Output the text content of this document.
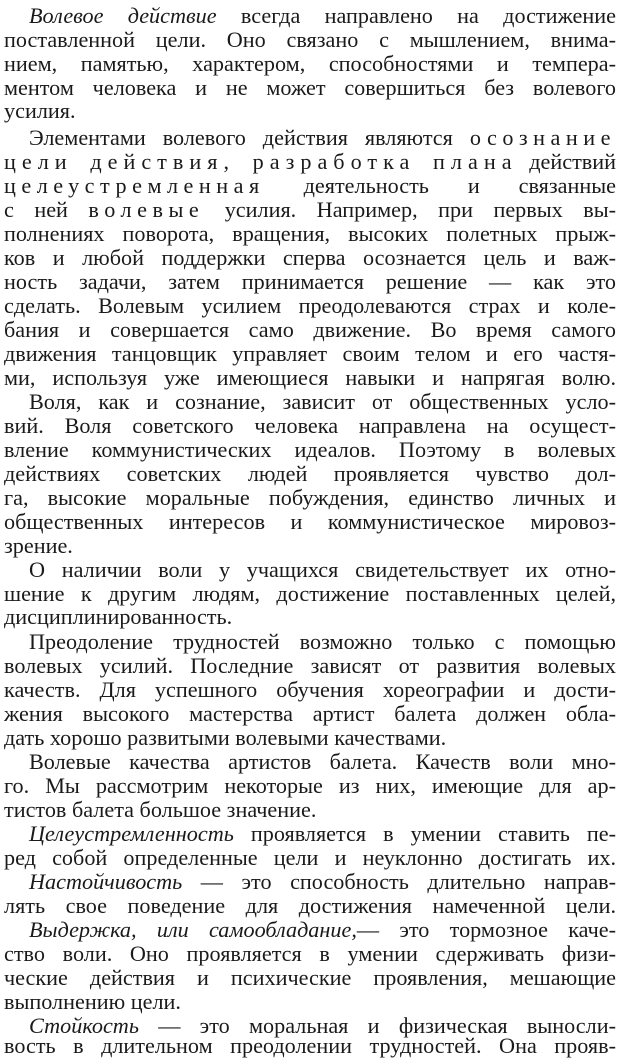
Волевое действие всегда направлено на достижение
поставленной цели. Оно связано с мышлением, внима-
нием, памятью, характером, способностями и темпера-
ментом человека и не может совершиться без волевого
усилия.
Элементами волевого действия являются осознание
цели действия, разработка плана действий
целеустремленная деятельность и связанные
с ней волевые усилия. Например, при первых вы-
полнениях поворота, вращения, высоких полетных прыж-
ков и любой поддержки сперва осознается цель и важ-
ность задачи, затем принимается решение — как это
сделать. Волевым усилием преодолеваются страх и коле-
бания и совершается само движение. Во время самого
движения танцовщик управляет своим телом и его частя-
ми, используя уже имеющиеся навыки и напрягая волю.
Воля, как и сознание, зависит от общественных усло-
вий. Воля советского человека направлена на осущест-
вление коммунистических идеалов. Поэтому в волевых
действиях советских людей проявляется чувство дол-
га, высокие моральные побуждения, единство личных и
общественных интересов и коммунистическое мировоз-
зрение.
О наличии воли у учащихся свидетельствует их отно-
шение к другим людям, достижение поставленных целей,
дисциплинированность.
Преодоление трудностей возможно только с помощью
волевых усилий. Последние зависят от развития волевых
качеств. Для успешного обучения хореографии и дости-
жения высокого мастерства артист балета должен обла-
дать хорошо развитыми волевыми качествами.
Волевые качества артистов балета. Качеств воли мно-
го. Мы рассмотрим некоторые из них, имеющие для ар-
тистов балета большое значение.
Целеустремленность проявляется в умении ставить пе-
ред собой определенные цели и неуклонно достигать их.
Настойчивость — это способность длительно направ-
лять свое поведение для достижения намеченной цели.
Выдержка, или самообладание,— это тормозное каче-
ство воли. Оно проявляется в умении сдерживать физи-
ческие действия и психические проявления, мешающие
выполнению цели.
Стойкость — это моральная и физическая выносли-
вость в длительном преодолении трудностей. Она прояв-
